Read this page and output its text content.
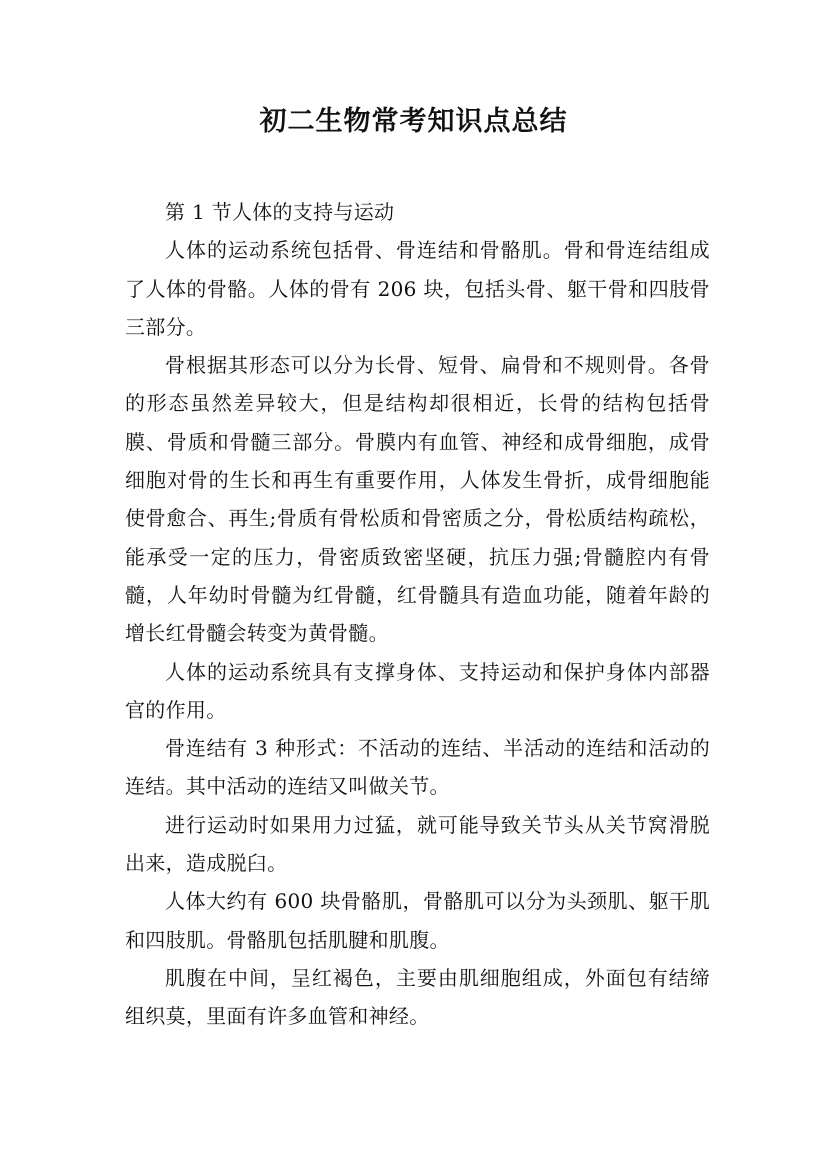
初二生物常考知识点总结

第 1 节人体的支持与运动

人体的运动系统包括骨、骨连结和骨骼肌。骨和骨连结组成了人体的骨骼。人体的骨有 206 块，包括头骨、躯干骨和四肢骨三部分。

骨根据其形态可以分为长骨、短骨、扁骨和不规则骨。各骨的形态虽然差异较大，但是结构却很相近，长骨的结构包括骨膜、骨质和骨髓三部分。骨膜内有血管、神经和成骨细胞，成骨细胞对骨的生长和再生有重要作用，人体发生骨折，成骨细胞能使骨愈合、再生;骨质有骨松质和骨密质之分，骨松质结构疏松，能承受一定的压力，骨密质致密坚硬，抗压力强;骨髓腔内有骨髓，人年幼时骨髓为红骨髓，红骨髓具有造血功能，随着年龄的增长红骨髓会转变为黄骨髓。

人体的运动系统具有支撑身体、支持运动和保护身体内部器官的作用。

骨连结有 3 种形式：不活动的连结、半活动的连结和活动的连结。其中活动的连结又叫做关节。

进行运动时如果用力过猛，就可能导致关节头从关节窝滑脱出来，造成脱臼。

人体大约有 600 块骨骼肌，骨骼肌可以分为头颈肌、躯干肌和四肢肌。骨骼肌包括肌腱和肌腹。

肌腹在中间，呈红褐色，主要由肌细胞组成，外面包有结缔组织莫，里面有许多血管和神经。
